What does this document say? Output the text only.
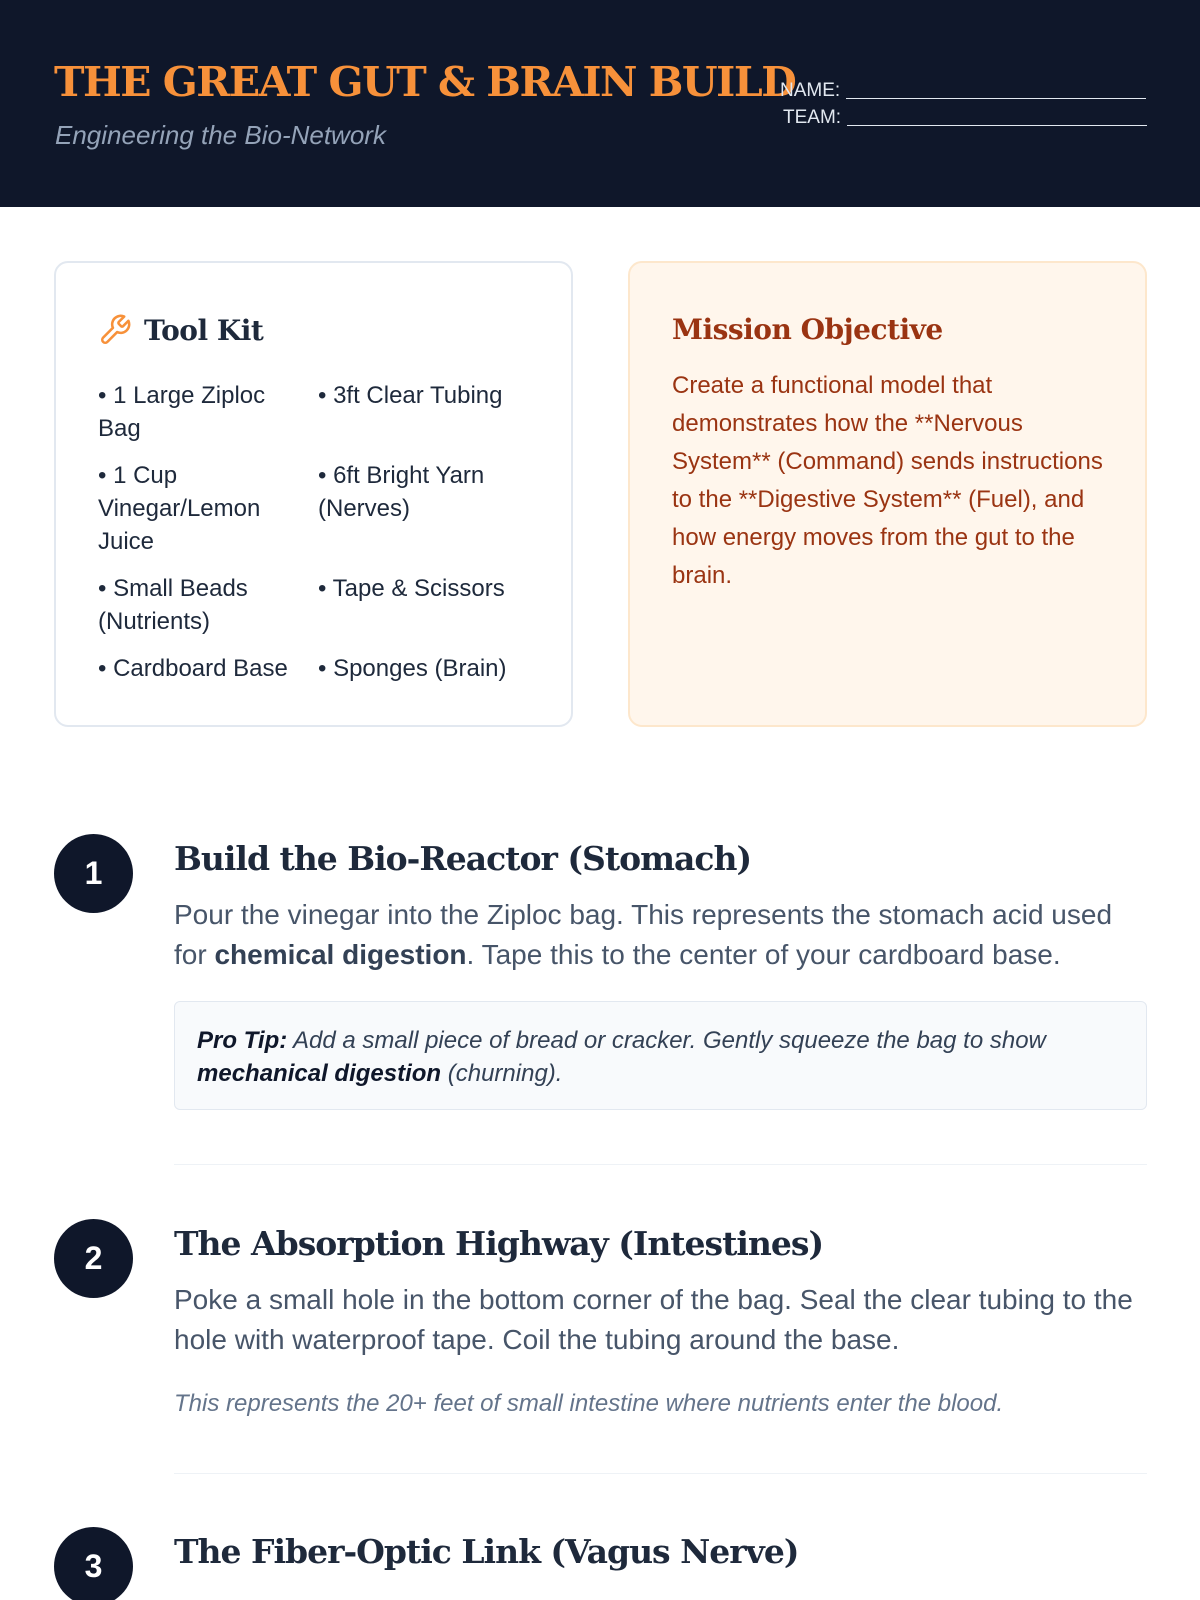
THE GREAT GUT & BRAIN BUILD
Engineering the Bio-Network
NAME:
TEAM:
Tool Kit
• 1 Large Ziploc Bag
• 1 Cup Vinegar/Lemon Juice
• Small Beads (Nutrients)
• Cardboard Base
• 3ft Clear Tubing
• 6ft Bright Yarn (Nerves)
• Tape & Scissors
• Sponges (Brain)
Mission Objective
Create a functional model that demonstrates how the **Nervous System** (Command) sends instructions to the **Digestive System** (Fuel), and how energy moves from the gut to the brain.
1	Build the Bio-Reactor (Stomach)
Pour the vinegar into the Ziploc bag. This represents the stomach acid used for chemical digestion. Tape this to the center of your cardboard base.
Pro Tip: Add a small piece of bread or cracker. Gently squeeze the bag to show mechanical digestion (churning).
2	The Absorption Highway (Intestines)
Poke a small hole in the bottom corner of the bag. Seal the clear tubing to the hole with waterproof tape. Coil the tubing around the base.
This represents the 20+ feet of small intestine where nutrients enter the blood.
3	The Fiber-Optic Link (Vagus Nerve)
